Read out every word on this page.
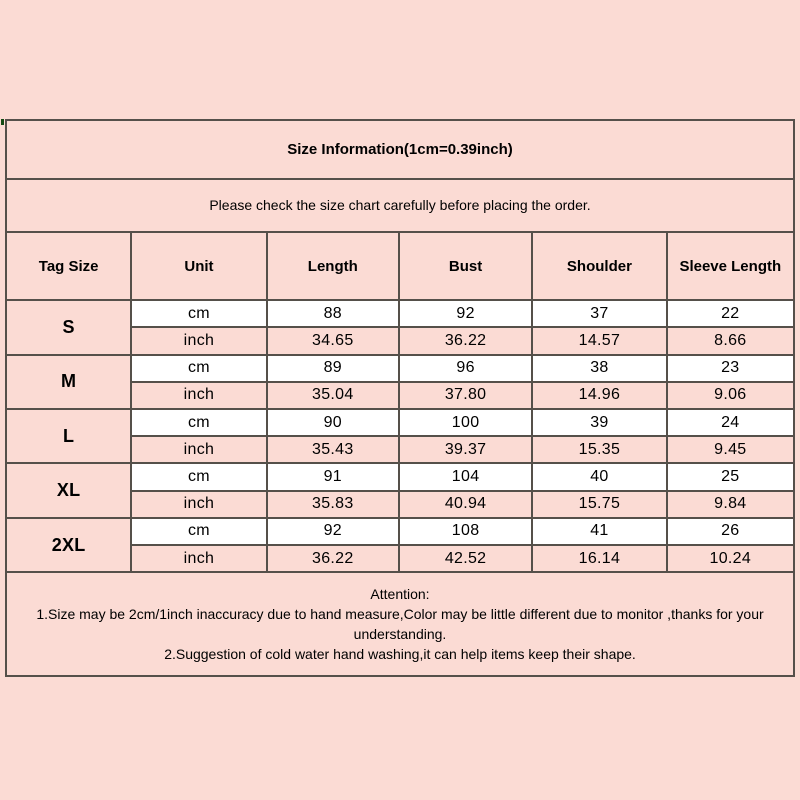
Size Information(1cm=0.39inch)					
Please check the size chart carefully before placing the order.					
Tag Size	Unit	Length	Bust	Shoulder	Sleeve Length
S	cm	88	92	37	22
	inch	34.65	36.22	14.57	8.66
M	cm	89	96	38	23
	inch	35.04	37.80	14.96	9.06
L	cm	90	100	39	24
	inch	35.43	39.37	15.35	9.45
XL	cm	91	104	40	25
	inch	35.83	40.94	15.75	9.84
2XL	cm	92	108	41	26
	inch	36.22	42.52	16.14	10.24

Attention:
1.Size may be 2cm/1inch inaccuracy due to hand measure,Color may be little different due to monitor ,thanks for your understanding.
2.Suggestion of cold water hand washing,it can help items keep their shape.					
